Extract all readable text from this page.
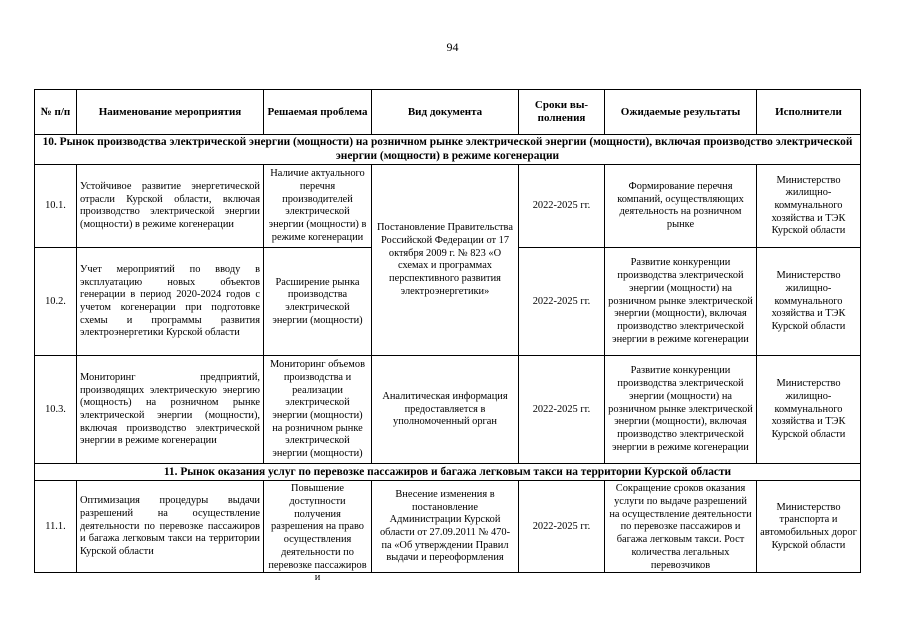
94
№ п/п	Наименование мероприятия	Решаемая проблема	Вид документа	Сроки выполнения	Ожидаемые результаты	Исполнители
10. Рынок производства электрической энергии (мощности) на розничном рынке электрической энергии (мощности), включая производство электрической энергии (мощности) в режиме когенерации						
10.1.	Устойчивое развитие энергетической отрасли Курской области, включая производство электрической энергии (мощности) в режиме когенерации	Наличие актуального перечня производителей электрической энергии (мощности) в режиме когенерации	Постановление Правительства Российской Федерации от 17 октября 2009 г. № 823 «О схемах и программах перспективного развития электроэнергетики»	2022-2025 гг.	Формирование перечня компаний, осуществляющих деятельность на розничном рынке	Министерство жилищно-коммунального хозяйства и ТЭК Курской области
10.2.	Учет мероприятий по вводу в эксплуатацию новых объектов генерации в период 2020-2024 годов с учетом когенерации при подготовке схемы и программы развития электроэнергетики Курской области	Расширение рынка производства электрической энергии (мощности)		2022-2025 гг.	Развитие конкуренции производства электрической энергии (мощности) на розничном рынке электрической энергии (мощности), включая производство электрической энергии в режиме когенерации	Министерство жилищно-коммунального хозяйства и ТЭК Курской области
10.3.	Мониторинг предприятий, производящих электрическую энергию (мощность) на розничном рынке электрической энергии (мощности), включая производство электрической энергии в режиме когенерации	Мониторинг объемов производства и реализации электрической энергии (мощности) на розничном рынке электрической энергии (мощности)	Аналитическая информация предоставляется в уполномоченный орган	2022-2025 гг.	Развитие конкуренции производства электрической энергии (мощности) на розничном рынке электрической энергии (мощности), включая производство электрической энергии в режиме когенерации	Министерство жилищно-коммунального хозяйства и ТЭК Курской области
11. Рынок оказания услуг по перевозке пассажиров и багажа легковым такси на территории Курской области						
11.1.	Оптимизация процедуры выдачи разрешений на осуществление деятельности по перевозке пассажиров и багажа легковым такси на территории Курской области	Повышение доступности получения разрешения на право осуществления деятельности по перевозке пассажиров и	Внесение изменения в постановление Администрации Курской области от 27.09.2011 № 470-па «Об утверждении Правил выдачи и переоформления	2022-2025 гг.	Сокращение сроков оказания услуги по выдаче разрешений на осуществление деятельности по перевозке пассажиров и багажа легковым такси. Рост количества легальных перевозчиков	Министерство транспорта и автомобильных дорог Курской области
